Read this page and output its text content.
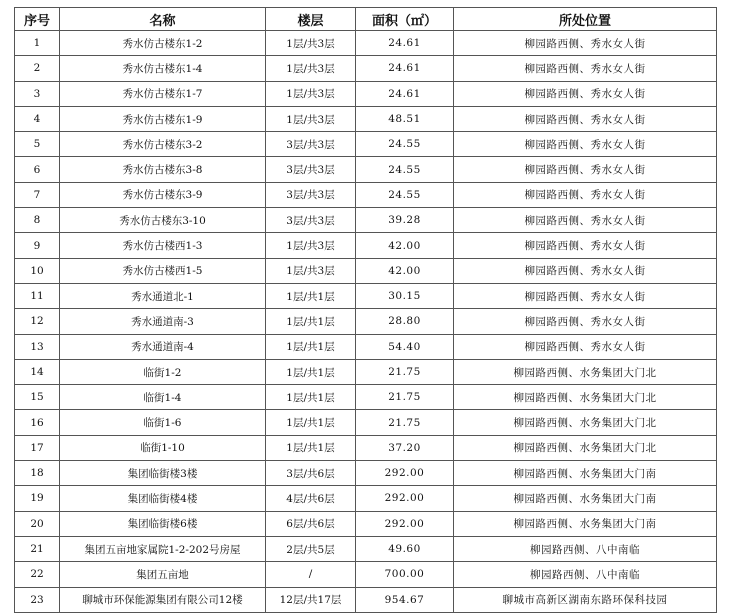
序号	名称	楼层	面积（㎡）	所处位置
1	秀水仿古楼东1-2	1层/共3层	24.61	柳园路西侧、秀水女人街
2	秀水仿古楼东1-4	1层/共3层	24.61	柳园路西侧、秀水女人街
3	秀水仿古楼东1-7	1层/共3层	24.61	柳园路西侧、秀水女人街
4	秀水仿古楼东1-9	1层/共3层	48.51	柳园路西侧、秀水女人街
5	秀水仿古楼东3-2	3层/共3层	24.55	柳园路西侧、秀水女人街
6	秀水仿古楼东3-8	3层/共3层	24.55	柳园路西侧、秀水女人街
7	秀水仿古楼东3-9	3层/共3层	24.55	柳园路西侧、秀水女人街
8	秀水仿古楼东3-10	3层/共3层	39.28	柳园路西侧、秀水女人街
9	秀水仿古楼西1-3	1层/共3层	42.00	柳园路西侧、秀水女人街
10	秀水仿古楼西1-5	1层/共3层	42.00	柳园路西侧、秀水女人街
11	秀水通道北-1	1层/共1层	30.15	柳园路西侧、秀水女人街
12	秀水通道南-3	1层/共1层	28.80	柳园路西侧、秀水女人街
13	秀水通道南-4	1层/共1层	54.40	柳园路西侧、秀水女人街
14	临街1-2	1层/共1层	21.75	柳园路西侧、水务集团大门北
15	临街1-4	1层/共1层	21.75	柳园路西侧、水务集团大门北
16	临街1-6	1层/共1层	21.75	柳园路西侧、水务集团大门北
17	临街1-10	1层/共1层	37.20	柳园路西侧、水务集团大门北
18	集团临街楼3楼	3层/共6层	292.00	柳园路西侧、水务集团大门南
19	集团临街楼4楼	4层/共6层	292.00	柳园路西侧、水务集团大门南
20	集团临街楼6楼	6层/共6层	292.00	柳园路西侧、水务集团大门南
21	集团五亩地家属院1-2-202号房屋	2层/共5层	49.60	柳园路西侧、八中南临
22	集团五亩地	/	700.00	柳园路西侧、八中南临
23	聊城市环保能源集团有限公司12楼	12层/共17层	954.67	聊城市高新区湖南东路环保科技园
